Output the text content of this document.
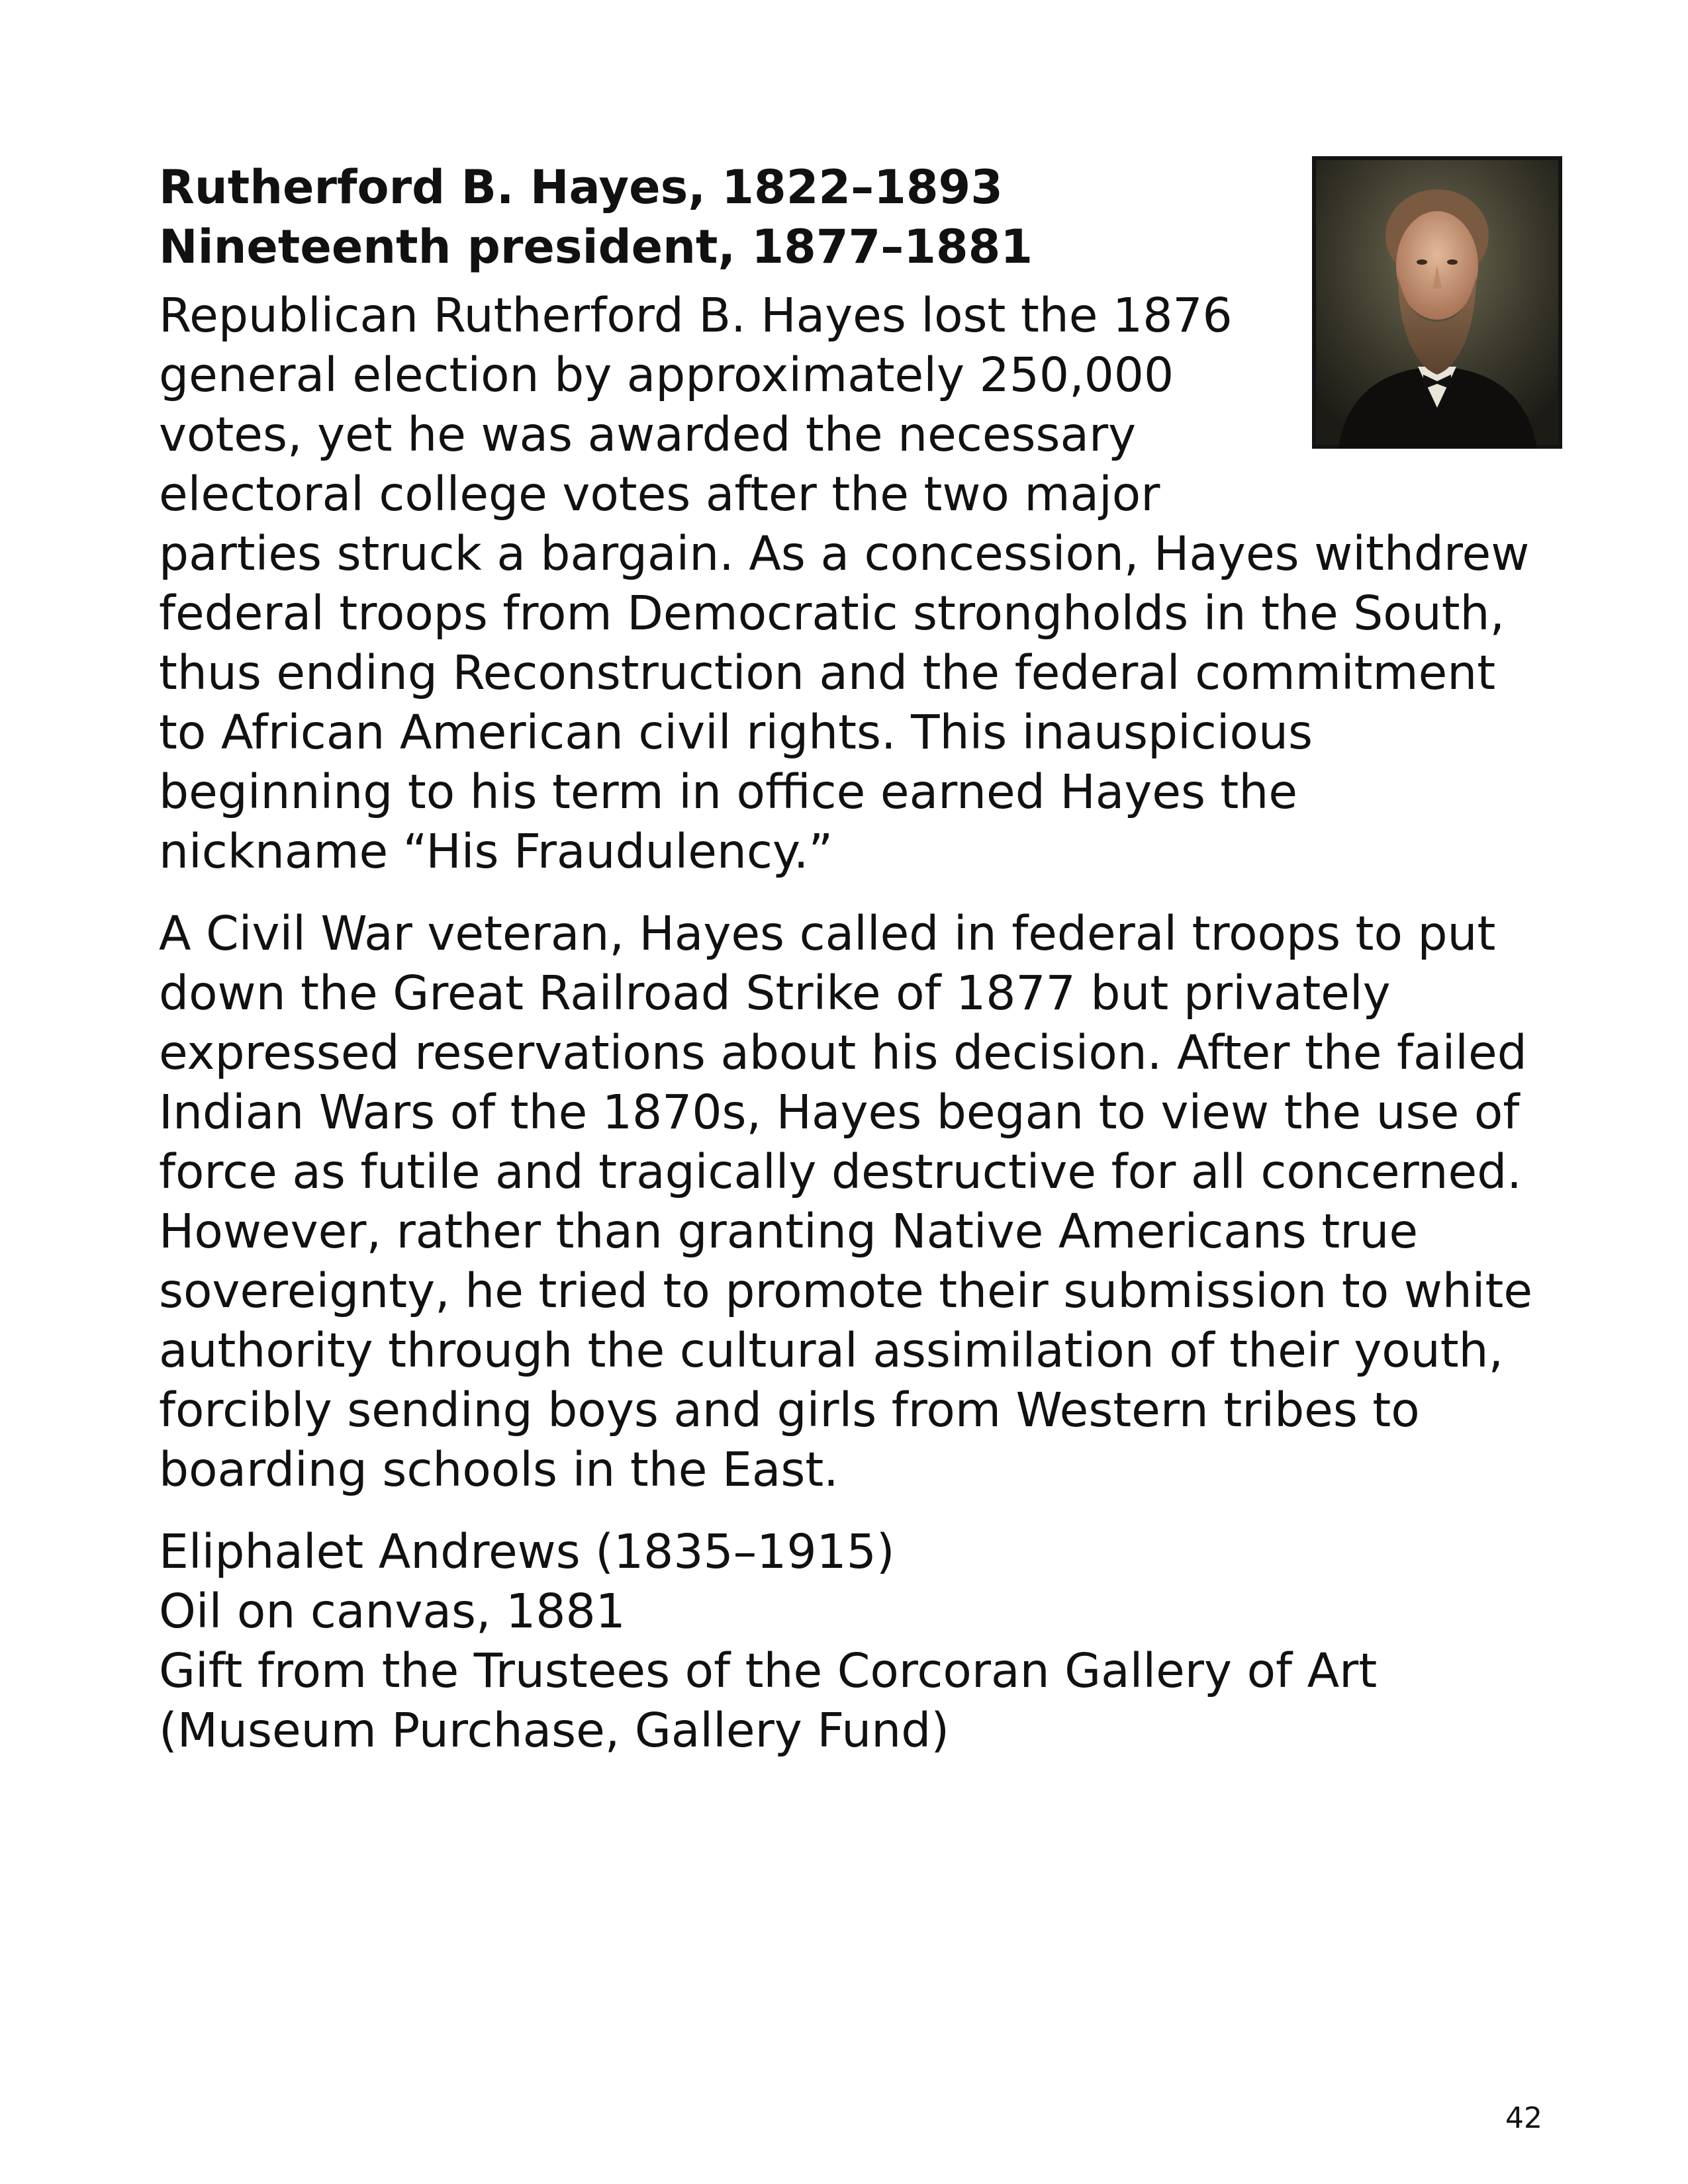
Rutherford B. Hayes, 1822–1893
Nineteenth president, 1877–1881

Republican Rutherford B. Hayes lost the 1876 general election by approximately 250,000 votes, yet he was awarded the necessary electoral college votes after the two major parties struck a bargain. As a concession, Hayes withdrew federal troops from Democratic strongholds in the South, thus ending Reconstruction and the federal commitment to African American civil rights. This inauspicious beginning to his term in office earned Hayes the nickname “His Fraudulency.”

A Civil War veteran, Hayes called in federal troops to put down the Great Railroad Strike of 1877 but privately expressed reservations about his decision. After the failed Indian Wars of the 1870s, Hayes began to view the use of force as futile and tragically destructive for all concerned. However, rather than granting Native Americans true sovereignty, he tried to promote their submission to white authority through the cultural assimilation of their youth, forcibly sending boys and girls from Western tribes to boarding schools in the East.

Eliphalet Andrews (1835–1915)
Oil on canvas, 1881
Gift from the Trustees of the Corcoran Gallery of Art
(Museum Purchase, Gallery Fund)
42
